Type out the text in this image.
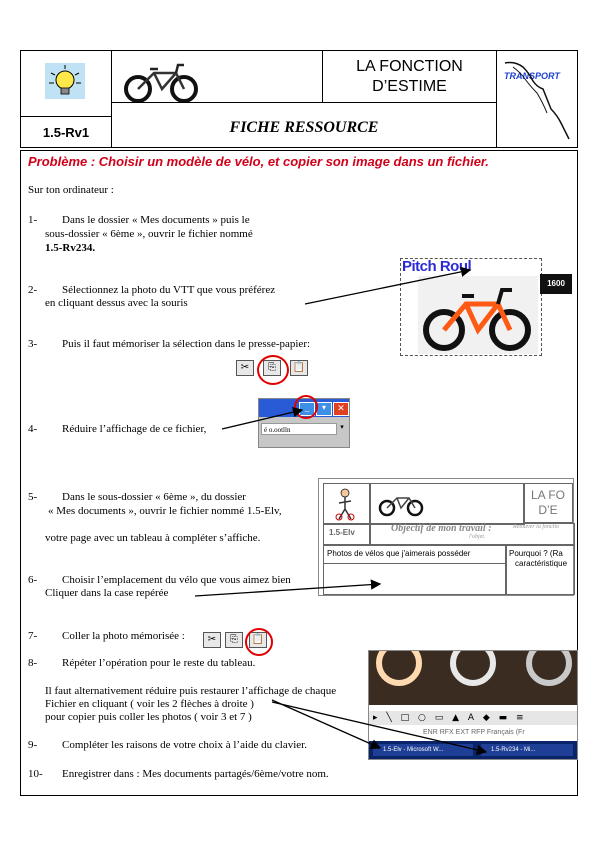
LA FONCTION
D’ESTIME
TRANSPORT
1.5-Rv1	FICHE RESSOURCE
Problème : Choisir un modèle de vélo, et copier son image dans un fichier.
Sur ton ordinateur :
1- Dans le dossier « Mes documents » puis le
sous-dossier « 6ème », ouvrir le fichier nommé
1.5-Rv234.
2- Sélectionnez la photo du VTT que vous préférez
en cliquant dessus avec la souris
3- Puis il faut mémoriser la sélection dans le presse-papier:
4- Réduire l’affichage de ce fichier,
5- Dans le sous-dossier « 6ème », du dossier
« Mes documents », ouvrir le fichier nommé 1.5-Elv,
votre page avec un tableau à compléter s’affiche.
6- Choisir l’emplacement du vélo que vous aimez bien
Cliquer dans la case repérée
7- Coller la photo mémorisée :
8- Répéter l’opération pour le reste du tableau.
Il faut alternativement réduire puis restaurer l’affichage de chaque
Fichier en cliquant ( voir les 2 flèches à droite )
pour copier puis coller les photos ( voir 3 et 7 )
9- Compléter les raisons de votre choix à l’aide du clavier.
10- Enregistrer dans : Mes documents partagés/6ème/votre nom.
Pitch Roul
1600
✂	⎘	📋
_	▾	✕
é o.ootlln	▾
LA FO
D’E
1.5-Elv	Objectif de mon travail :	Retouver la fonctio
l'objet.
Photos de vélos que j'aimerais posséder	Pourquoi ? (Ra
caractéristique
✂	⎘	📋
▸ ╲ □ ○ ▭ ▲ A ◆ ▬ ≡
ENR RFX EXT RFP Français (Fr
1.5-Elv - Microsoft W...	1.5-Rv234 - Mi...
